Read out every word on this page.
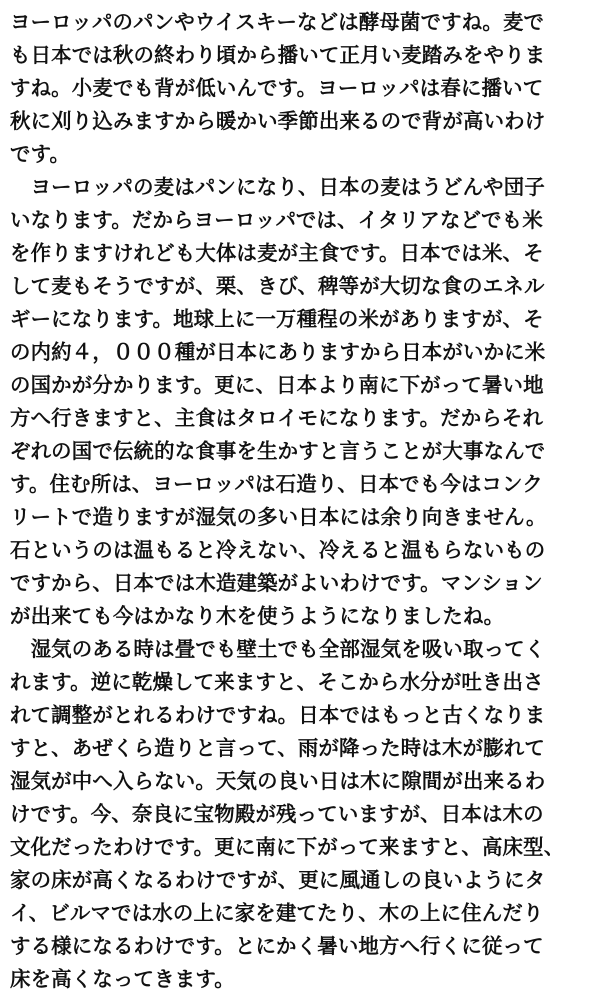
ヨーロッパのパンやウイスキーなどは酵母菌ですね。麦で
も日本では秋の終わり頃から播いて正月い麦踏みをやりま
すね。小麦でも背が低いんです。ヨーロッパは春に播いて
秋に刈り込みますから暖かい季節出来るので背が高いわけ
です。
　ヨーロッパの麦はパンになり、日本の麦はうどんや団子
いなります。だからヨーロッパでは、イタリアなどでも米
を作りますけれども大体は麦が主食です。日本では米、そ
して麦もそうですが、栗、きび、稗等が大切な食のエネル
ギーになります。地球上に一万種程の米がありますが、そ
の内約４，０００種が日本にありますから日本がいかに米
の国かが分かります。更に、日本より南に下がって暑い地
方へ行きますと、主食はタロイモになります。だからそれ
ぞれの国で伝統的な食事を生かすと言うことが大事なんで
す。住む所は、ヨーロッパは石造り、日本でも今はコンク
リートで造りますが湿気の多い日本には余り向きません。
石というのは温もると冷えない、冷えると温もらないもの
ですから、日本では木造建築がよいわけです。マンション
が出来ても今はかなり木を使うようになりましたね。
　湿気のある時は畳でも壁土でも全部湿気を吸い取ってく
れます。逆に乾燥して来ますと、そこから水分が吐き出さ
れて調整がとれるわけですね。日本ではもっと古くなりま
すと、あぜくら造りと言って、雨が降った時は木が膨れて
湿気が中へ入らない。天気の良い日は木に隙間が出来るわ
けです。今、奈良に宝物殿が残っていますが、日本は木の
文化だったわけです。更に南に下がって来ますと、高床型、
家の床が高くなるわけですが、更に風通しの良いようにタ
イ、ビルマでは水の上に家を建てたり、木の上に住んだり
する様になるわけです。とにかく暑い地方へ行くに従って
床を高くなってきます。
